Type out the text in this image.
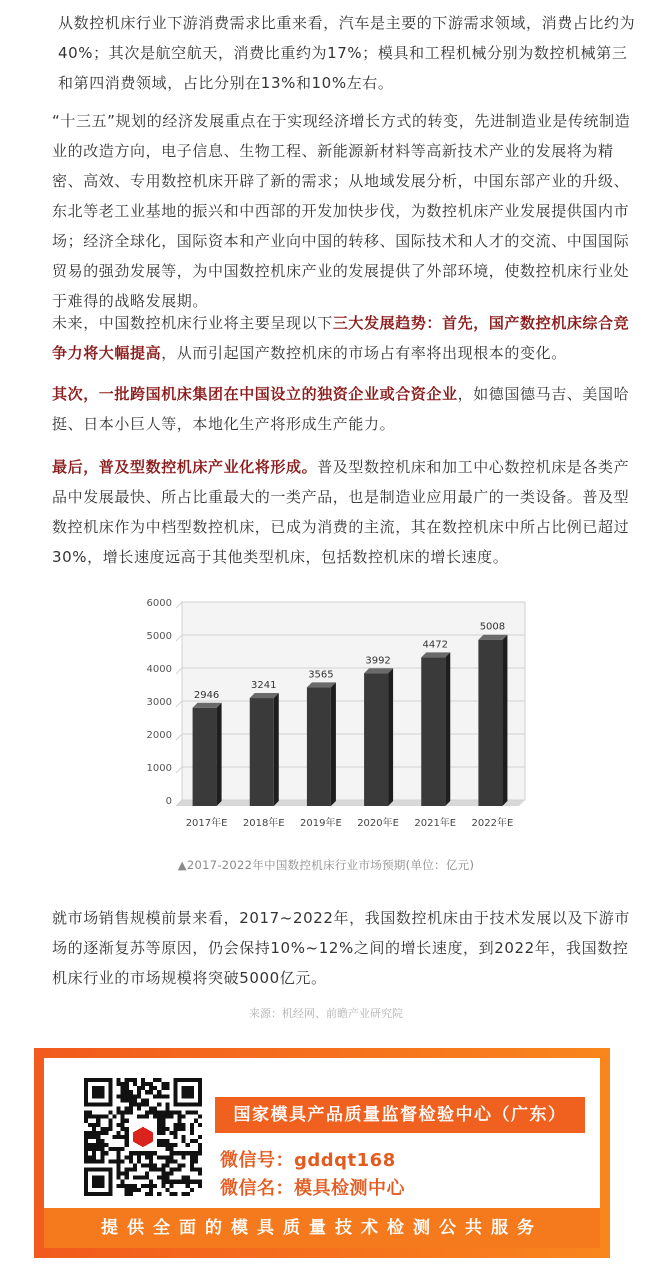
从数控机床行业下游消费需求比重来看，汽车是主要的下游需求领域，消费占比约为40%；其次是航空航天，消费比重约为17%；模具和工程机械分别为数控机械第三和第四消费领域，占比分别在13%和10%左右。

“十三五”规划的经济发展重点在于实现经济增长方式的转变，先进制造业是传统制造业的改造方向，电子信息、生物工程、新能源新材料等高新技术产业的发展将为精密、高效、专用数控机床开辟了新的需求；从地域发展分析，中国东部产业的升级、东北等老工业基地的振兴和中西部的开发加快步伐，为数控机床产业发展提供国内市场；经济全球化，国际资本和产业向中国的转移、国际技术和人才的交流、中国国际贸易的强劲发展等，为中国数控机床产业的发展提供了外部环境，使数控机床行业处于难得的战略发展期。

未来，中国数控机床行业将主要呈现以下三大发展趋势：首先，国产数控机床综合竞争力将大幅提高，从而引起国产数控机床的市场占有率将出现根本的变化。

其次，一批跨国机床集团在中国设立的独资企业或合资企业，如德国德马吉、美国哈挺、日本小巨人等，本地化生产将形成生产能力。

最后，普及型数控机床产业化将形成。普及型数控机床和加工中心数控机床是各类产品中发展最快、所占比重最大的一类产品，也是制造业应用最广的一类设备。普及型数控机床作为中档型数控机床，已成为消费的主流，其在数控机床中所占比例已超过30%，增长速度远高于其他类型机床，包括数控机床的增长速度。

0
1000
2000
3000
4000
5000
6000
2946
2017年E
3241
2018年E
3565
2019年E
3992
2020年E
4472
2021年E
5008
2022年E
▲2017-2022年中国数控机床行业市场预期(单位：亿元)

就市场销售规模前景来看，2017~2022年，我国数控机床由于技术发展以及下游市场的逐渐复苏等原因，仍会保持10%~12%之间的增长速度，到2022年，我国数控机床行业的市场规模将突破5000亿元。

来源：机经网、前瞻产业研究院
国家模具产品质量监督检验中心（广东）
微信号：gddqt168
微信名：模具检测中心
提供全面的模具质量技术检测公共服务
